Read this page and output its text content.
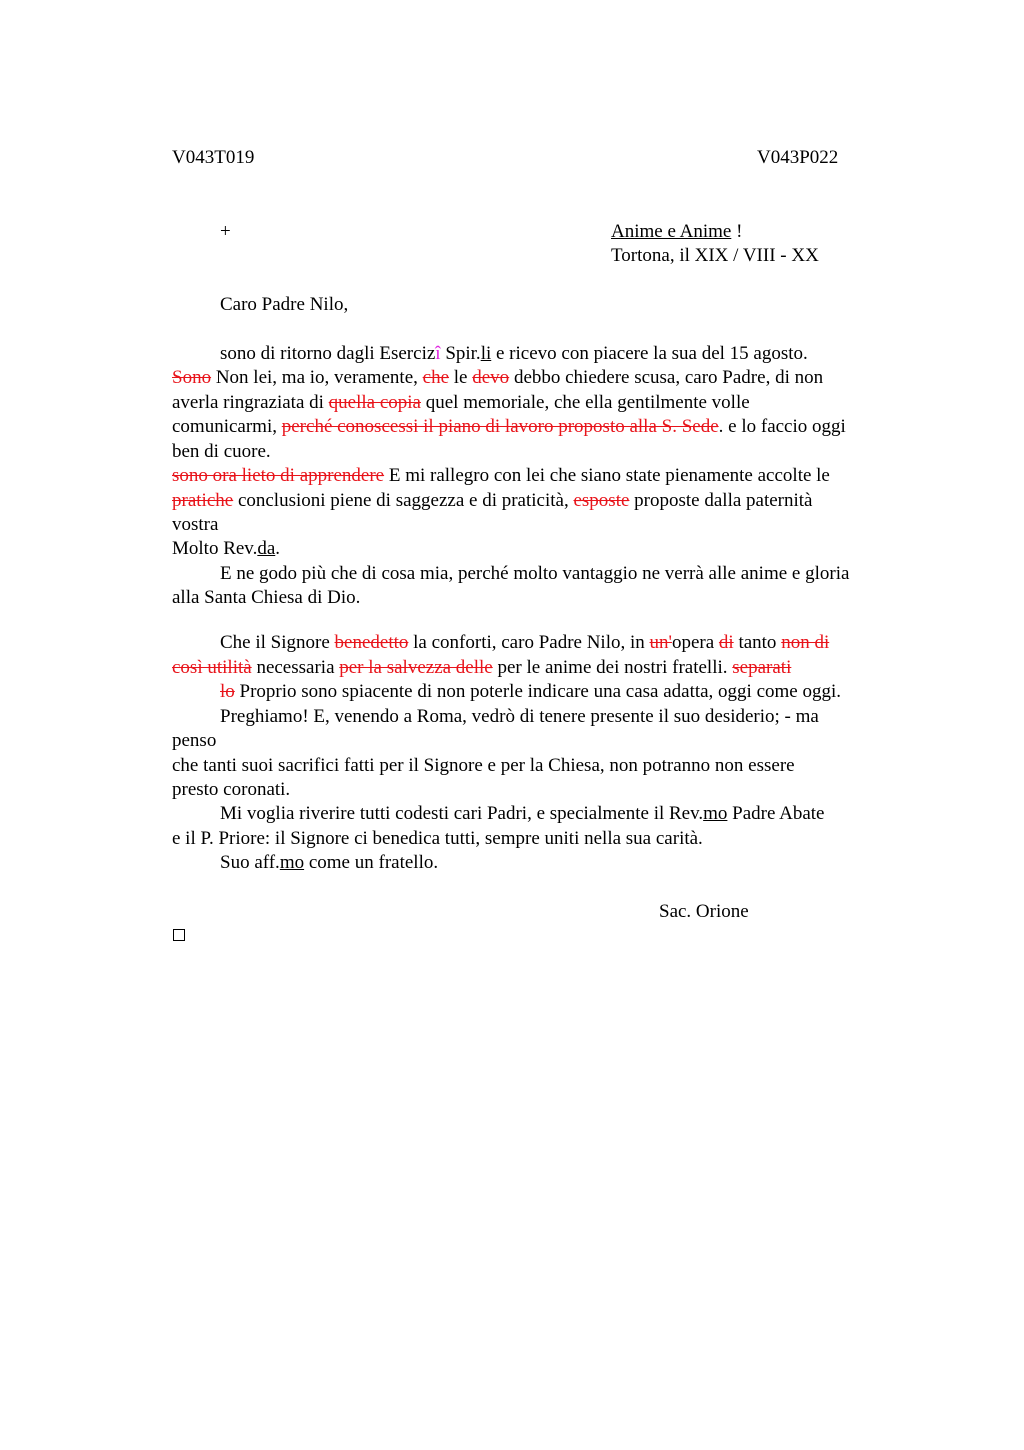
V043T019	V043P022
+	Anime e Anime !
Tortona, il XIX / VIII - XX
Caro Padre Nilo,
sono di ritorno dagli Esercizî Spir.li e ricevo con piacere la sua del 15 agosto.
Sono Non lei, ma io, veramente, che le devo debbo chiedere scusa, caro Padre, di non
averla ringraziata di quella copia quel memoriale, che ella gentilmente volle
comunicarmi, perché conoscessi il piano di lavoro proposto alla S. Sede. e lo faccio oggi
ben di cuore.
sono ora lieto di apprendere E mi rallegro con lei che siano state pienamente accolte le
pratiche conclusioni piene di saggezza e di praticità, esposte proposte dalla paternità
vostra
Molto Rev.da.
E ne godo più che di cosa mia, perché molto vantaggio ne verrà alle anime e gloria
alla Santa Chiesa di Dio.
Che il Signore benedetto la conforti, caro Padre Nilo, in un'opera di tanto non di
così utilità necessaria per la salvezza delle per le anime dei nostri fratelli. separati
lo Proprio sono spiacente di non poterle indicare una casa adatta, oggi come oggi.
Preghiamo! E, venendo a Roma, vedrò di tenere presente il suo desiderio; - ma
penso
che tanti suoi sacrifici fatti per il Signore e per la Chiesa, non potranno non essere
presto coronati.
Mi voglia riverire tutti codesti cari Padri, e specialmente il Rev.mo Padre Abate
e il P. Priore: il Signore ci benedica tutti, sempre uniti nella sua carità.
Suo aff.mo come un fratello.
Sac. Orione
